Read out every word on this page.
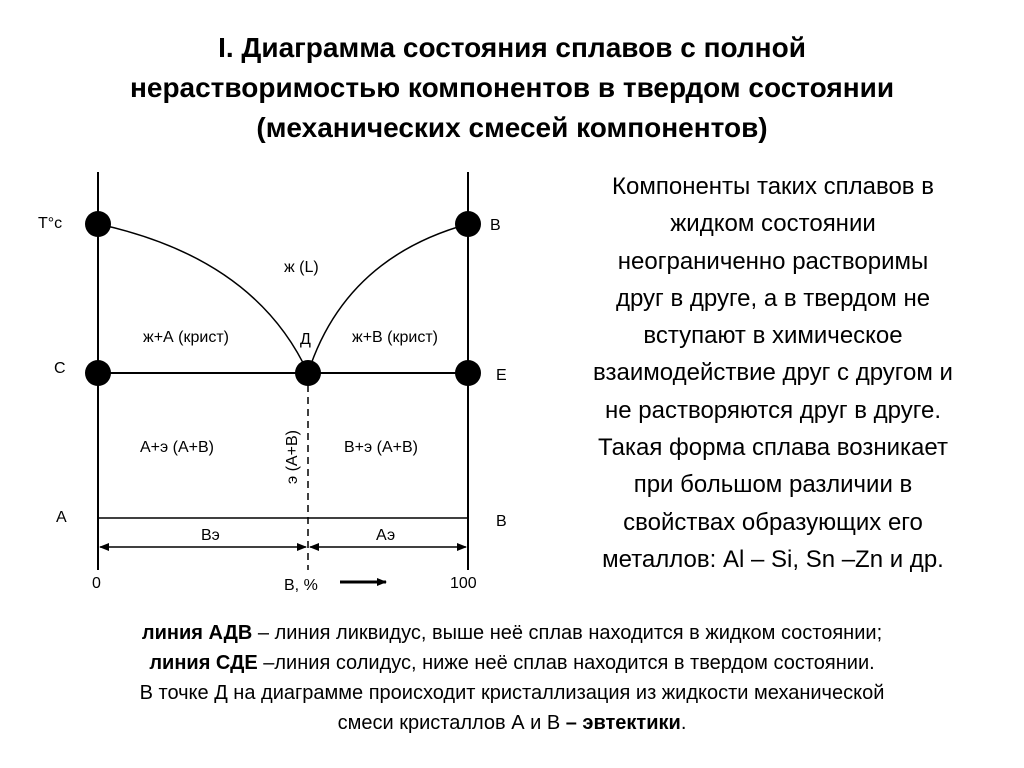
I. Диаграмма состояния сплавов с полной
нерастворимостью компонентов в твердом состоянии
(механических смесей компонентов)
T°c	B
C
Д
E
A	B
ж (L)
ж+А (крист)	ж+В (крист)
А+э (А+В)	В+э (А+В)
э (А+В)
Вэ	Аэ
0	100
В, %
Компоненты таких сплавов в
жидком состоянии
неограниченно растворимы
друг в друге, а в твердом не
вступают в химическое
взаимодействие друг с другом и
не растворяются друг в друге.
Такая форма сплава возникает
при большом различии в
свойствах образующих его
металлов: Al – Si, Sn –Zn и др.
линия АДВ – линия ликвидус, выше неё сплав находится в жидком состоянии;
линия СДЕ –линия солидус, ниже неё сплав находится в твердом состоянии.
В точке Д на диаграмме происходит кристаллизация из жидкости механической
смеси кристаллов А и В – эвтектики.
